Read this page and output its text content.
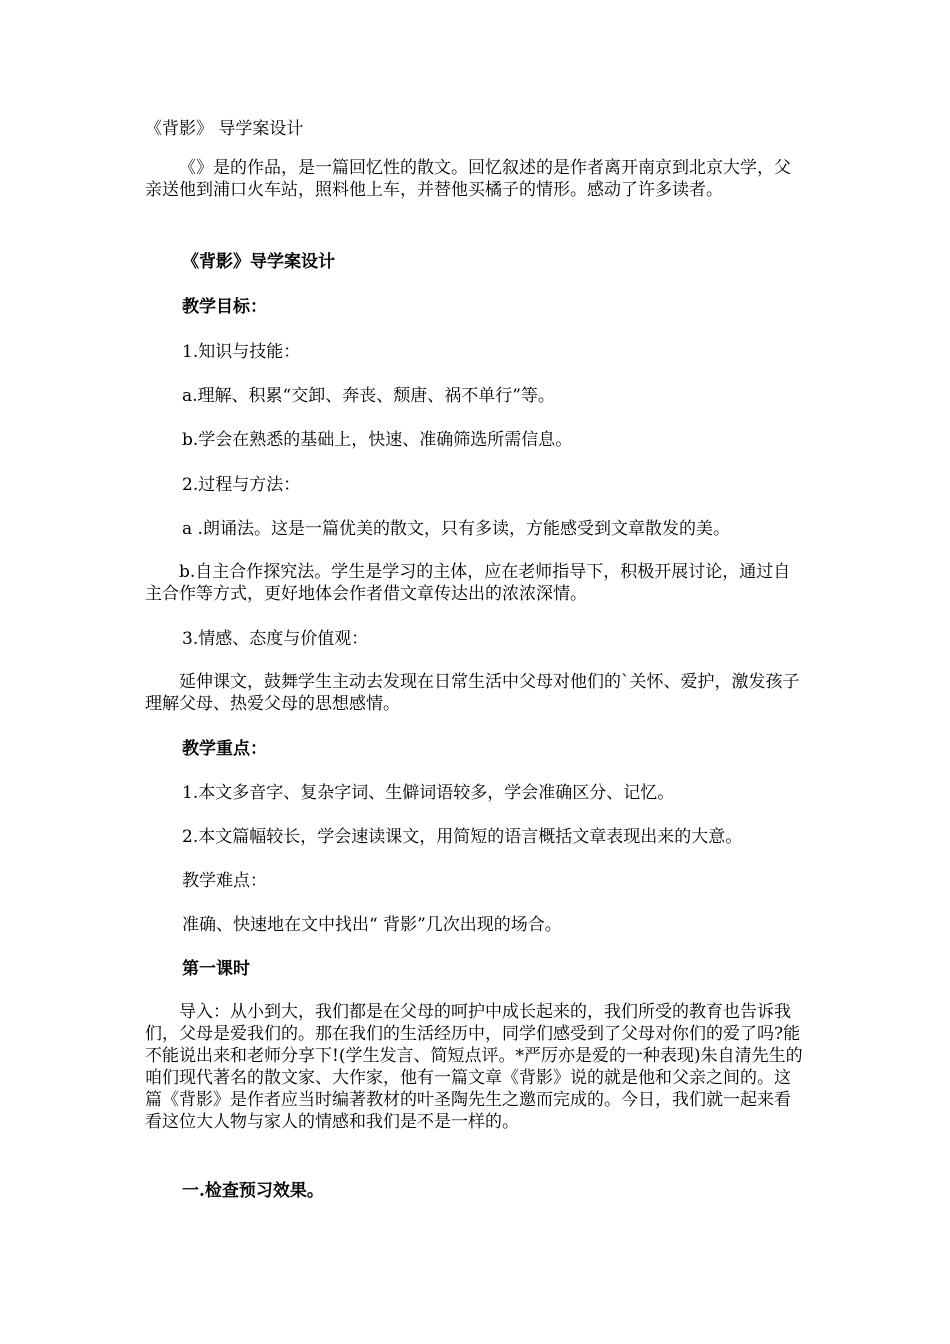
《背影》 导学案设计
《》是的作品，是一篇回忆性的散文。回忆叙述的是作者离开南京到北京大学，父亲送他到浦口火车站，照料他上车，并替他买橘子的情形。感动了许多读者。
《背影》导学案设计
教学目标：
1.知识与技能：
a.理解、积累“交卸、奔丧、颓唐、祸不单行”等。
b.学会在熟悉的基础上，快速、准确筛选所需信息。
2.过程与方法：
a .朗诵法。这是一篇优美的散文，只有多读，方能感受到文章散发的美。
b.自主合作探究法。学生是学习的主体，应在老师指导下，积极开展讨论，通过自主合作等方式，更好地体会作者借文章传达出的浓浓深情。
3.情感、态度与价值观：
延伸课文，鼓舞学生主动去发现在日常生活中父母对他们的`关怀、爱护，激发孩子理解父母、热爱父母的思想感情。
教学重点：
1.本文多音字、复杂字词、生僻词语较多，学会准确区分、记忆。
2.本文篇幅较长，学会速读课文，用简短的语言概括文章表现出来的大意。
教学难点：
准确、快速地在文中找出“ 背影”几次出现的场合。
第一课时
导入：从小到大，我们都是在父母的呵护中成长起来的，我们所受的教育也告诉我们，父母是爱我们的。那在我们的生活经历中，同学们感受到了父母对你们的爱了吗?能不能说出来和老师分享下!(学生发言、简短点评。*严厉亦是爱的一种表现)朱自清先生的咱们现代著名的散文家、大作家，他有一篇文章《背影》说的就是他和父亲之间的。这篇《背影》是作者应当时编著教材的叶圣陶先生之邀而完成的。今日，我们就一起来看看这位大人物与家人的情感和我们是不是一样的。
一.检查预习效果。
